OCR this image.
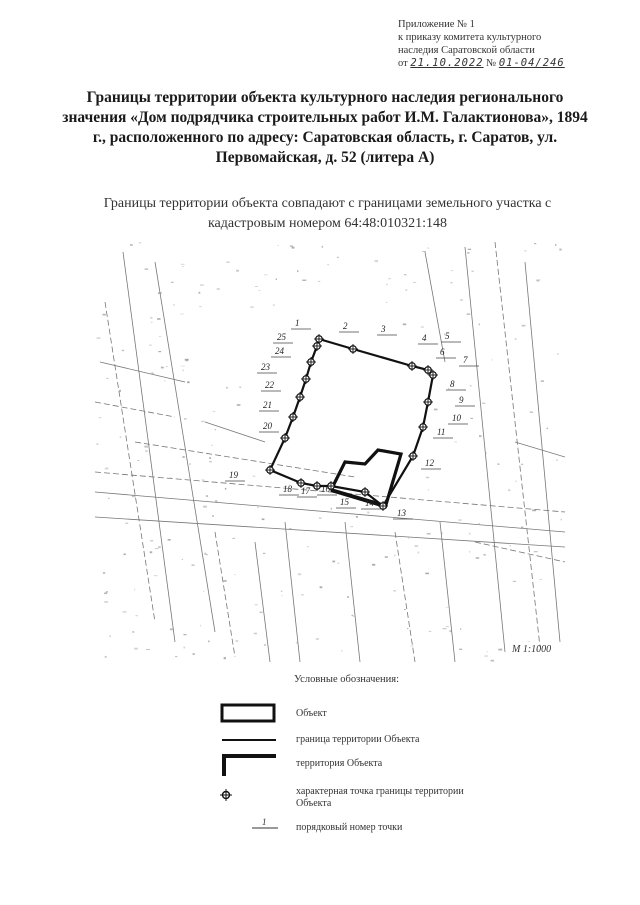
Приложение № 1
к приказу комитета культурного
наследия Саратовской области
от 21.10.2022 № 01-04/246
Границы территории объекта культурного наследия регионального значения «Дом подрядчика строительных работ И.М. Галактионова», 1894 г., расположенного по адресу: Саратовская область, г. Саратов, ул. Первомайская, д. 52 (литера А)
Границы территории объекта совпадают с границами земельного участка с кадастровым номером 64:48:010321:148
1	2	3
4 5
6
7
8
9
10
11
12
13
14
15
16
17
18
19
20
21
22
23
24
25
М 1:1000
Условные обозначения:
Объект
граница территории Объекта
территория Объекта
характерная точка границы территории Объекта
1	порядковый номер точки
